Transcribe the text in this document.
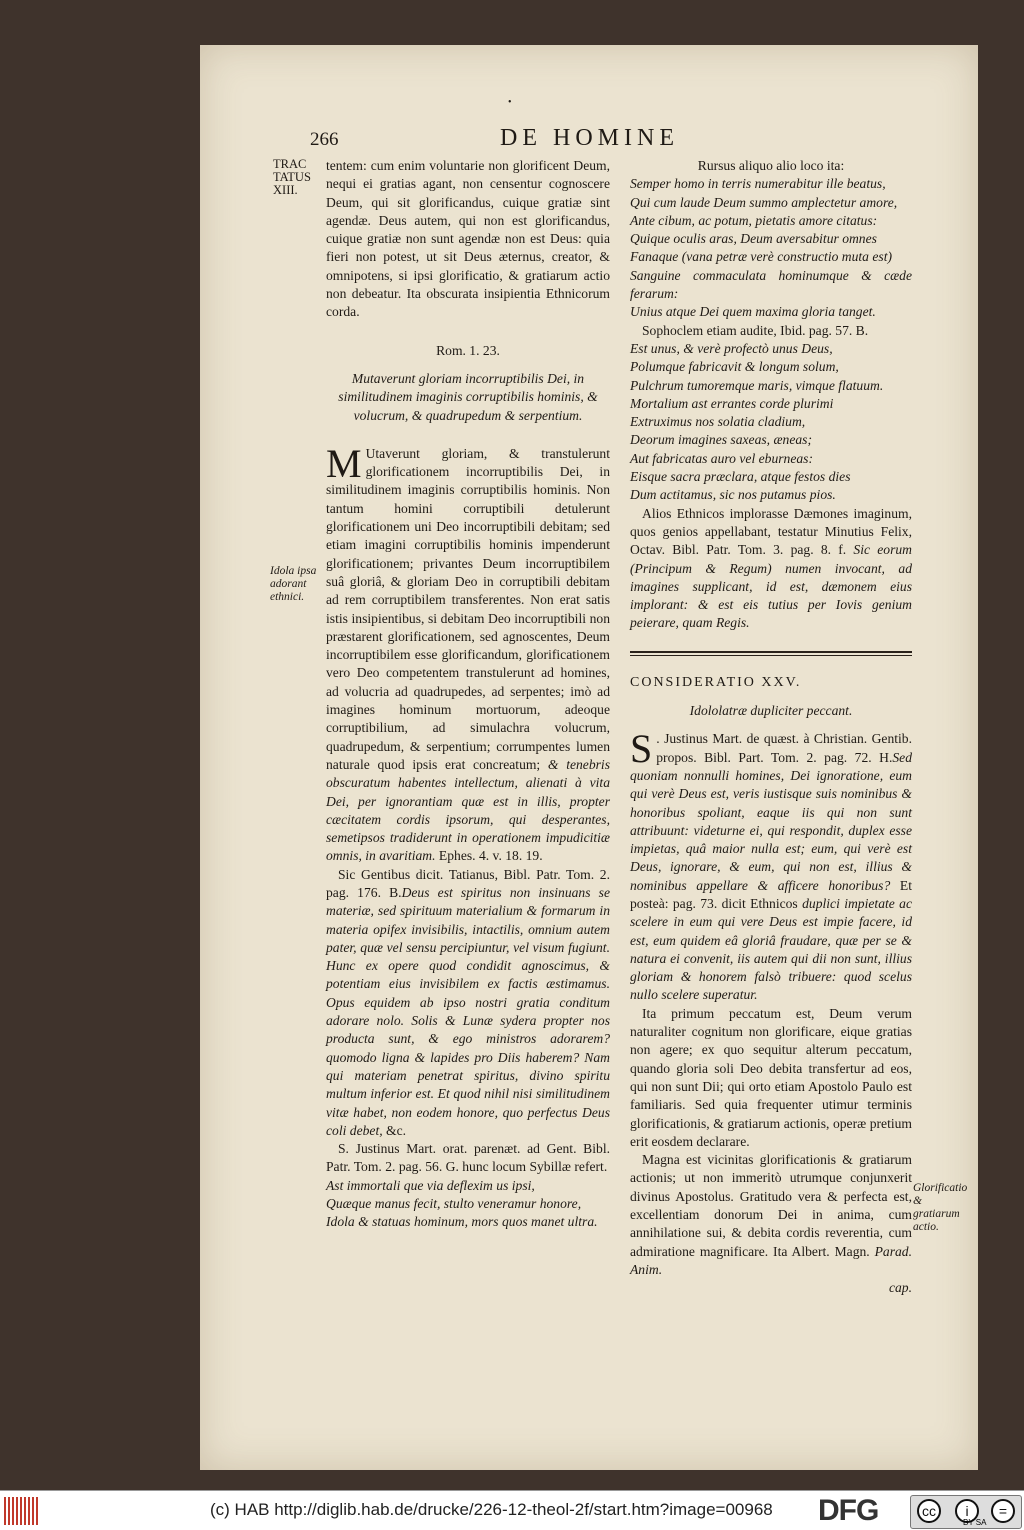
•
266	DE HOMINE
TRAC TATUS XIII.
Idola ipsa adorant ethnici.
Glorificatio & gratiarum actio.

tentem: cum enim voluntarie non glorificent Deum, nequi ei gratias agant, non censentur cognoscere Deum, qui sit glorificandus, cuique gratiæ sint agendæ. Deus autem, qui non est glorificandus, cuique gratiæ non sunt agendæ non est Deus: quia fieri non potest, ut sit Deus æternus, creator, & omnipotens, si ipsi glorificatio, & gratiarum actio non debeatur. Ita obscurata insipientia Ethnicorum corda.

Rom. 1. 23.

Mutaverunt gloriam incorruptibilis Dei, in similitudinem imaginis corruptibilis hominis, & volucrum, & quadrupedum & serpentium.

M Utaverunt gloriam, & transtulerunt glorificationem incorruptibilis Dei, in similitudinem imaginis corruptibilis hominis. Non tantum homini corruptibili detulerunt glorificationem uni Deo incorruptibili debitam; sed etiam imagini corruptibilis hominis impenderunt glorificationem; privantes Deum incorruptibilem suâ gloriâ, & gloriam Deo in corruptibili debitam ad rem corruptibilem transferentes. Non erat satis istis insipientibus, si debitam Deo incorruptibili non præstarent glorificationem, sed agnoscentes, Deum incorruptibilem esse glorificandum, glorificationem vero Deo competentem transtulerunt ad homines, ad volucria ad quadrupedes, ad serpentes; imò ad imagines hominum mortuorum, adeoque corruptibilium, ad simulachra volucrum, quadrupedum, & serpentium; corrumpentes lumen naturale quod ipsis erat concreatum; & tenebris obscuratum habentes intellectum, alienati à vita Dei, per ignorantiam quæ est in illis, propter cæcitatem cordis ipsorum, qui desperantes, semetipsos tradiderunt in operationem impudicitiæ omnis, in avaritiam. Ephes. 4. v. 18. 19.

Sic Gentibus dicit. Tatianus, Bibl. Patr. Tom. 2. pag. 176. B.Deus est spiritus non insinuans se materiæ, sed spirituum materialium & formarum in materia opifex invisibilis, intactilis, omnium autem pater, quæ vel sensu percipiuntur, vel visum fugiunt. Hunc ex opere quod condidit agnoscimus, & potentiam eius invisibilem ex factis æstimamus. Opus equidem ab ipso nostri gratia conditum adorare nolo. Solis & Lunæ sydera propter nos producta sunt, & ego ministros adorarem? quomodo ligna & lapides pro Diis haberem? Nam qui materiam penetrat spiritus, divino spiritu multum inferior est. Et quod nihil nisi similitudinem vitæ habet, non eodem honore, quo perfectus Deus coli debet, &c.

S. Justinus Mart. orat. parenæt. ad Gent. Bibl. Patr. Tom. 2. pag. 56. G. hunc locum Sybillæ refert.

Ast immortali que via deflexim us ipsi,

Quæque manus fecit, stulto veneramur honore,

Idola & statuas hominum, mors quos manet ultra.

Rursus aliquo alio loco ita:

Semper homo in terris numerabitur ille beatus,

Qui cum laude Deum summo amplectetur amore,

Ante cibum, ac potum, pietatis amore citatus:

Quique oculis aras, Deum aversabitur omnes

Fanaque (vana petræ verè constructio muta est)

Sanguine commaculata hominumque & cæde ferarum:

Unius atque Dei quem maxima gloria tanget.

Sophoclem etiam audite, Ibid. pag. 57. B.

Est unus, & verè profectò unus Deus,

Polumque fabricavit & longum solum,

Pulchrum tumoremque maris, vimque flatuum.

Mortalium ast errantes corde plurimi

Extruximus nos solatia cladium,

Deorum imagines saxeas, æneas;

Aut fabricatas auro vel eburneas:

Eisque sacra præclara, atque festos dies

Dum actitamus, sic nos putamus pios.

Alios Ethnicos implorasse Dæmones imaginum, quos genios appellabant, testatur Minutius Felix, Octav. Bibl. Patr. Tom. 3. pag. 8. f. Sic eorum (Principum & Regum) numen invocant, ad imagines supplicant, id est, dæmonem eius implorant: & est eis tutius per Iovis genium peierare, quam Regis.

CONSIDERATIO XXV.

Idololatræ dupliciter peccant.

S . Justinus Mart. de quæst. à Christian. Gentib. propos. Bibl. Part. Tom. 2. pag. 72. H.Sed quoniam nonnulli homines, Dei ignoratione, eum qui verè Deus est, veris iustisque suis nominibus & honoribus spoliant, eaque iis qui non sunt attribuunt: videturne ei, qui respondit, duplex esse impietas, quâ maior nulla est; eum, qui verè est Deus, ignorare, & eum, qui non est, illius & nominibus appellare & afficere honoribus? Et posteà: pag. 73. dicit Ethnicos duplici impietate ac scelere in eum qui vere Deus est impie facere, id est, eum quidem eâ gloriâ fraudare, quæ per se & natura ei convenit, iis autem qui dii non sunt, illius gloriam & honorem falsò tribuere: quod scelus nullo scelere superatur.

Ita primum peccatum est, Deum verum naturaliter cognitum non glorificare, eique gratias non agere; ex quo sequitur alterum peccatum, quando gloria soli Deo debita transfertur ad eos, qui non sunt Dii; qui orto etiam Apostolo Paulo est familiaris. Sed quia frequenter utimur terminis glorificationis, & gratiarum actionis, operæ pretium erit eosdem declarare.

Magna est vicinitas glorificationis & gratiarum actionis; ut non immeritò utrumque conjunxerit divinus Apostolus. Gratitudo vera & perfecta est, excellentiam donorum Dei in anima, cum annihilatione sui, & debita cordis reverentia, cum admiratione magnificare. Ita Albert. Magn. Parad. Anim.

cap.

(c) HAB http://diglib.hab.de/drucke/226-12-theol-2f/start.htm?image=00968 DFG	cc	i	=
BY SA
